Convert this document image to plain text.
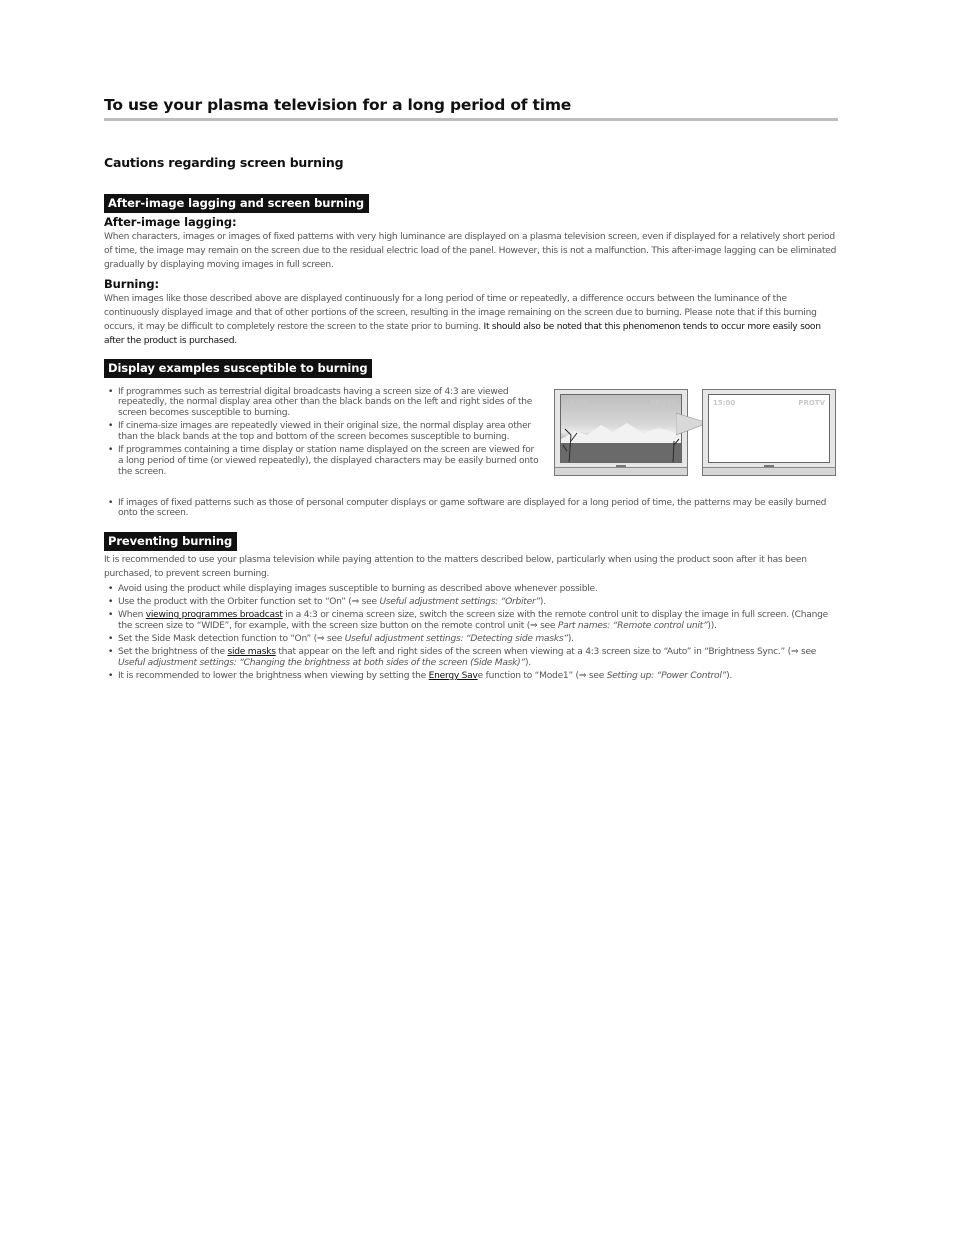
To use your plasma television for a long period of time
Cautions regarding screen burning
After-image lagging and screen burning
After-image lagging:

When characters, images or images of fixed patterns with very high luminance are displayed on a plasma television screen, even if displayed for a relatively short period of time, the image may remain on the screen due to the residual electric load of the panel. However, this is not a malfunction. This after-image lagging can be eliminated gradually by displaying moving images in full screen.

Burning:

When images like those described above are displayed continuously for a long period of time or repeatedly, a difference occurs between the luminance of the continuously displayed image and that of other portions of the screen, resulting in the image remaining on the screen due to burning. Please note that if this burning occurs, it may be difficult to completely restore the screen to the state prior to burning. It should also be noted that this phenomenon tends to occur more easily soon after the product is purchased.

Display examples susceptible to burning
• If programmes such as terrestrial digital broadcasts having a screen size of 4:3 are viewed repeatedly, the normal display area other than the black bands on the left and right sides of the screen becomes susceptible to burning.
• If cinema-size images are repeatedly viewed in their original size, the normal display area other than the black bands at the top and bottom of the screen becomes susceptible to burning.
• If programmes containing a time display or station name displayed on the screen are viewed for a long period of time (or viewed repeatedly), the displayed characters may be easily burned onto the screen.
15:00	PROTV	15:00	PROTV
• If images of fixed patterns such as those of personal computer displays or game software are displayed for a long period of time, the patterns may be easily burned onto the screen.
Preventing burning

It is recommended to use your plasma television while paying attention to the matters described below, particularly when using the product soon after it has been purchased, to prevent screen burning.

• Avoid using the product while displaying images susceptible to burning as described above whenever possible.
• Use the product with the Orbiter function set to “On” (⇒ see Useful adjustment settings: “Orbiter”).
• When viewing programmes broadcast in a 4:3 or cinema screen size, switch the screen size with the remote control unit to display the image in full screen. (Change the screen size to “WIDE”, for example, with the screen size button on the remote control unit (⇒ see Part names: “Remote control unit”)).
• Set the Side Mask detection function to “On” (⇒ see Useful adjustment settings: “Detecting side masks”).
• Set the brightness of the side masks that appear on the left and right sides of the screen when viewing at a 4:3 screen size to “Auto” in “Brightness Sync.” (⇒ see Useful adjustment settings: “Changing the brightness at both sides of the screen (Side Mask)”).
• It is recommended to lower the brightness when viewing by setting the Energy Save function to “Mode1” (⇒ see Setting up: “Power Control”).
